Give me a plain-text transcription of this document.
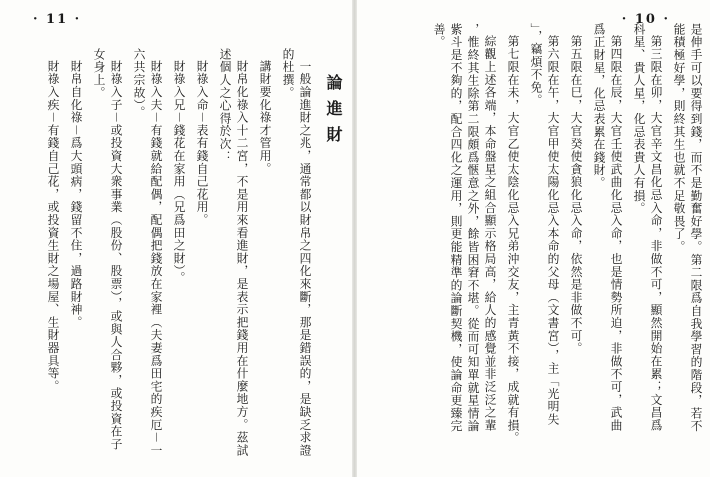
· 11 ·
論進財
一般論進財之兆，通常都以財帛之四化來斷，那是錯誤的，是缺乏求證
的杜撰。
講財要化祿才管用。
財帛化祿入十二宮，不是用來看進財，是表示把錢用在什麼地方。茲試
述個人之心得於次：
財祿入命－表有錢自己花用。
財祿入兄－錢花在家用（兄爲田之財）。
財祿入夫－有錢就給配偶，配偶把錢放在家裡（夫妻爲田宅的疾厄－一
六共宗故）。
財祿入子－或投資大衆事業（股份、股票），或與人合夥，或投資在子
女身上。
財帛自化祿－爲大頭病，錢留不住，過路財神。
財祿入疾－有錢自己花，或投資生財之場屋、生財器具等。
· 10 ·
是伸手可以要得到錢，而不是勤奮好學。第二限爲自我學習的階段，若不
能積極好學，則終其生也就不足敬畏了。
第三限在卯，大官辛文昌化忌入命，非做不可，顯然開始在累；文昌爲
科星、貴人星，化忌表貴人有損。
第四限在辰，大官壬使武曲化忌入命，也是情勢所迫，非做不可，武曲
爲正財星，化忌表累在錢財。
第五限在巳，大官癸使貪狼化忌入命，依然是非做不可。
第六限在午，大官甲使太陽化忌入本命的父母（文書宮），主「光明失
」，竊煩不免。
第七限在未，大官乙使太陰化忌入兄弟沖交友，主青黃不接，成就有損。
綜觀上述各端，本命盤星之組合顯示格局高，給人的感覺並非泛泛之輩
，惟終其生除第二限頗爲愜意之外，餘皆困窘不堪。從而可知單就星情論
紫斗是不夠的，配合四化之運用，則更能精準的論斷契機，使論命更臻完
善。
